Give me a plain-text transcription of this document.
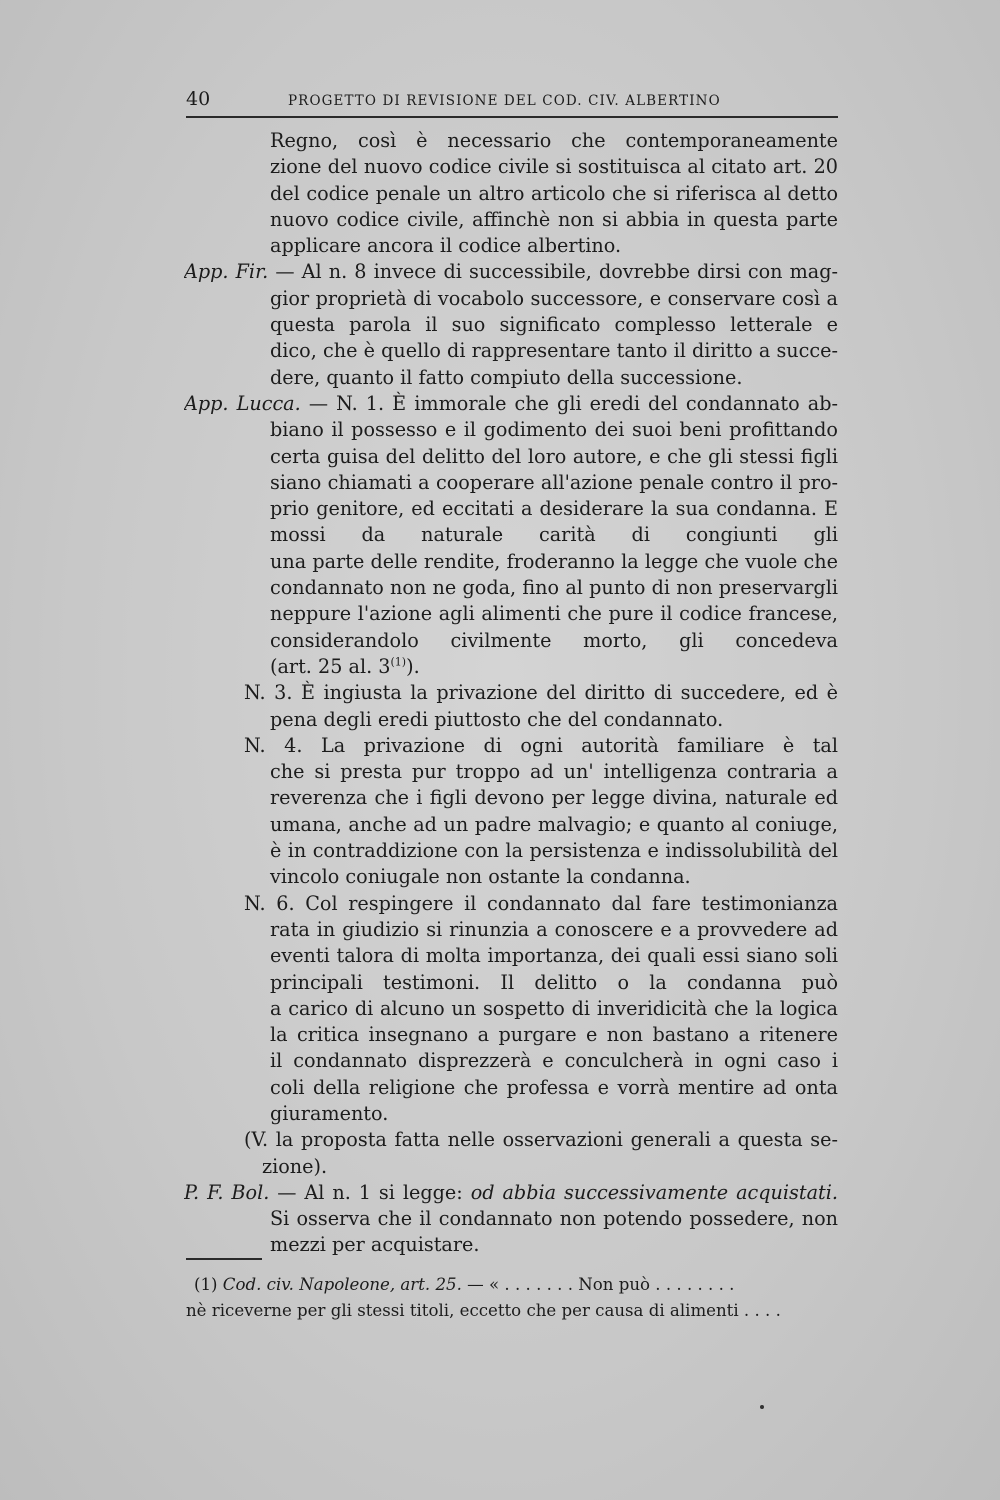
40	PROGETTO DI REVISIONE DEL COD. CIV. ALBERTINO
Regno, così è necessario che contemporaneamente
zione del nuovo codice civile si sostituisca al citato art. 20
del codice penale un altro articolo che si riferisca al detto
nuovo codice civile, affinchè non si abbia in questa parte
applicare ancora il codice albertino.
App. Fir. — Al n. 8 invece di successibile, dovrebbe dirsi con mag-
gior proprietà di vocabolo successore, e conservare così a
questa parola il suo significato complesso letterale e
dico, che è quello di rappresentare tanto il diritto a succe-
dere, quanto il fatto compiuto della successione.
App. Lucca. — N. 1. È immorale che gli eredi del condannato ab-
biano il possesso e il godimento dei suoi beni profittando
certa guisa del delitto del loro autore, e che gli stessi figli
siano chiamati a cooperare all'azione penale contro il pro-
prio genitore, ed eccitati a desiderare la sua condanna. E
mossi da naturale carità di congiunti gli
una parte delle rendite, froderanno la legge che vuole che
condannato non ne goda, fino al punto di non preservargli
neppure l'azione agli alimenti che pure il codice francese,
considerandolo civilmente morto, gli concedeva
(art. 25 al. 3$^{(1)}$).
N. 3. È ingiusta la privazione del diritto di succedere, ed è
pena degli eredi piuttosto che del condannato.
N. 4. La privazione di ogni autorità familiare è tal
che si presta pur troppo ad un' intelligenza contraria a
reverenza che i figli devono per legge divina, naturale ed
umana, anche ad un padre malvagio; e quanto al coniuge,
è in contraddizione con la persistenza e indissolubilità del
vincolo coniugale non ostante la condanna.
N. 6. Col respingere il condannato dal fare testimonianza
rata in giudizio si rinunzia a conoscere e a provvedere ad
eventi talora di molta importanza, dei quali essi siano soli
principali testimoni. Il delitto o la condanna può
a carico di alcuno un sospetto di inveridicità che la logica
la critica insegnano a purgare e non bastano a ritenere
il condannato disprezzerà e conculcherà in ogni caso i
coli della religione che professa e vorrà mentire ad onta
giuramento.
(V. la proposta fatta nelle osservazioni generali a questa se-
zione).
P. F. Bol. — Al n. 1 si legge: od abbia successivamente acquistati.
Si osserva che il condannato non potendo possedere, non
mezzi per acquistare.
(1) Cod. civ. Napoleone, art. 25. — « . . . . . . . Non può . . . . . . . .
nè riceverne per gli stessi titoli, eccetto che per causa di alimenti . . . .
